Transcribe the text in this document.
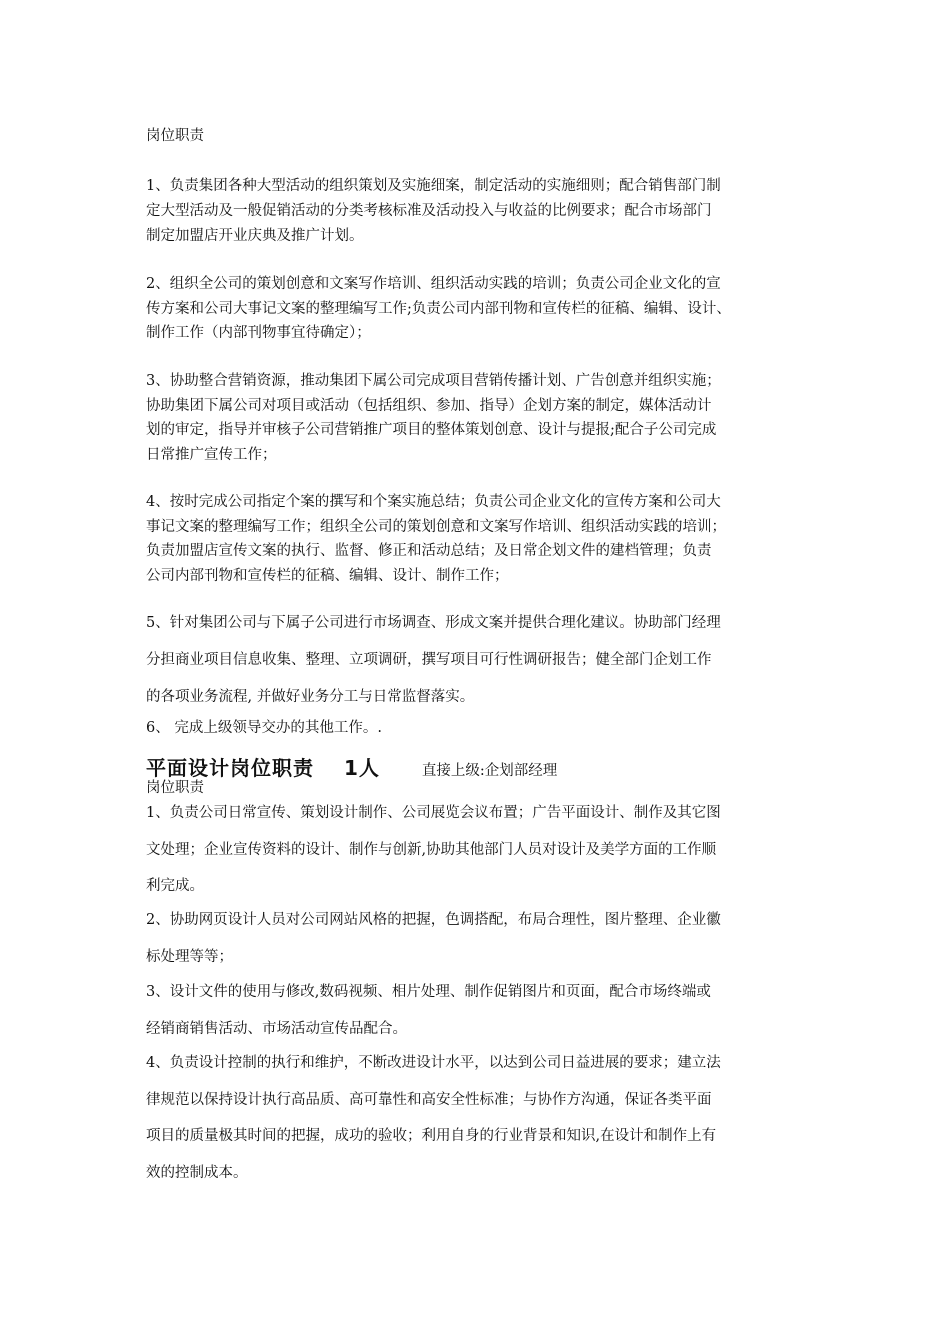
岗位职责
1、负责集团各种大型活动的组织策划及实施细案，制定活动的实施细则；配合销售部门制
定大型活动及一般促销活动的分类考核标准及活动投入与收益的比例要求；配合市场部门
制定加盟店开业庆典及推广计划。
2、组织全公司的策划创意和文案写作培训、组织活动实践的培训；负责公司企业文化的宣
传方案和公司大事记文案的整理编写工作;负责公司内部刊物和宣传栏的征稿、编辑、设计、
制作工作（内部刊物事宜待确定）；
3、协助整合营销资源，推动集团下属公司完成项目营销传播计划、广告创意并组织实施；
协助集团下属公司对项目或活动（包括组织、参加、指导）企划方案的制定，媒体活动计
划的审定，指导并审核子公司营销推广项目的整体策划创意、设计与提报;配合子公司完成
日常推广宣传工作；
4、按时完成公司指定个案的撰写和个案实施总结；负责公司企业文化的宣传方案和公司大
事记文案的整理编写工作；组织全公司的策划创意和文案写作培训、组织活动实践的培训；
负责加盟店宣传文案的执行、监督、修正和活动总结；及日常企划文件的建档管理；负责
公司内部刊物和宣传栏的征稿、编辑、设计、制作工作；
5、针对集团公司与下属子公司进行市场调查、形成文案并提供合理化建议。协助部门经理
分担商业项目信息收集、整理、立项调研，撰写项目可行性调研报告；健全部门企划工作
的各项业务流程, 并做好业务分工与日常监督落实。
6、 完成上级领导交办的其他工作。.
平面设计岗位职责 1人	直接上级:企划部经理
岗位职责
1、负责公司日常宣传、策划设计制作、公司展览会议布置；广告平面设计、制作及其它图
文处理；企业宣传资料的设计、制作与创新,协助其他部门人员对设计及美学方面的工作顺
利完成。
2、协助网页设计人员对公司网站风格的把握，色调搭配，布局合理性，图片整理、企业徽
标处理等等；
3、设计文件的使用与修改,数码视频、相片处理、制作促销图片和页面，配合市场终端或
经销商销售活动、市场活动宣传品配合。
4、负责设计控制的执行和维护，不断改进设计水平，以达到公司日益进展的要求；建立法
律规范以保持设计执行高品质、高可靠性和高安全性标准；与协作方沟通，保证各类平面
项目的质量极其时间的把握，成功的验收；利用自身的行业背景和知识,在设计和制作上有
效的控制成本。
